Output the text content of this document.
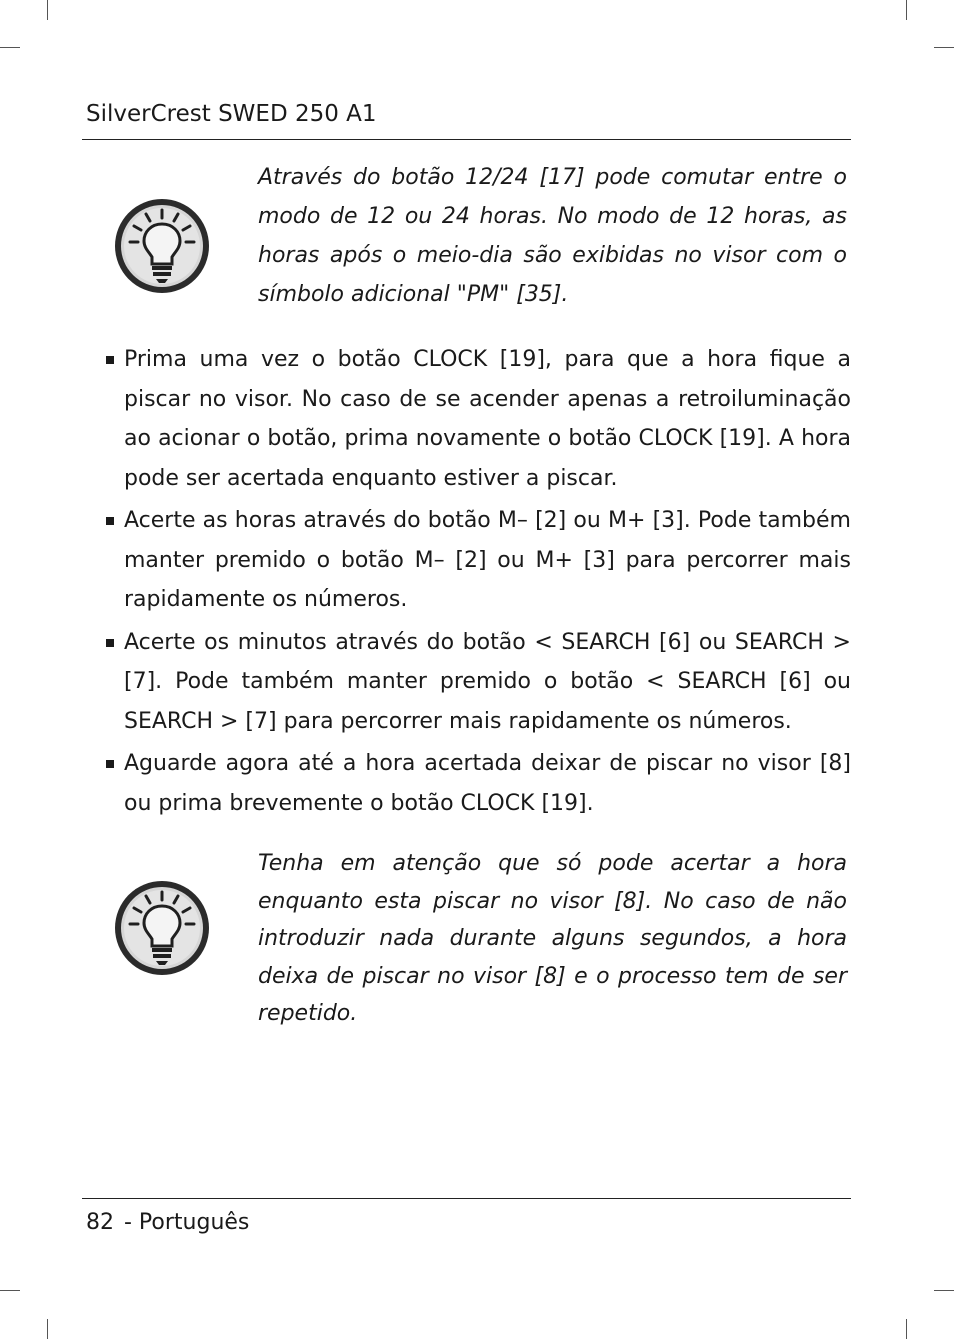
SilverCrest SWED 250 A1

Através do botão 12/24 [17] pode comutar entre o modo de 12 ou 24 horas. No modo de 12 horas, as horas após o meio-dia são exibidas no visor com o símbolo adicional "PM" [35].

Prima uma vez o botão CLOCK [19], para que a hora fique a piscar no visor. No caso de se acender apenas a retroiluminação ao acionar o botão, prima novamente o botão CLOCK [19]. A hora pode ser acertada enquanto estiver a piscar.
Acerte as horas através do botão M– [2] ou M+ [3]. Pode também manter premido o botão M– [2] ou M+ [3] para percorrer mais rapidamente os números.
Acerte os minutos através do botão < SEARCH [6] ou SEARCH > [7]. Pode também manter premido o botão < SEARCH [6] ou SEARCH > [7] para percorrer mais rapidamente os números.
Aguarde agora até a hora acertada deixar de piscar no visor [8] ou prima brevemente o botão CLOCK [19].

Tenha em atenção que só pode acertar a hora enquanto esta piscar no visor [8]. No caso de não introduzir nada durante alguns segundos, a hora deixa de piscar no visor [8] e o processo tem de ser repetido.

82 - Português
